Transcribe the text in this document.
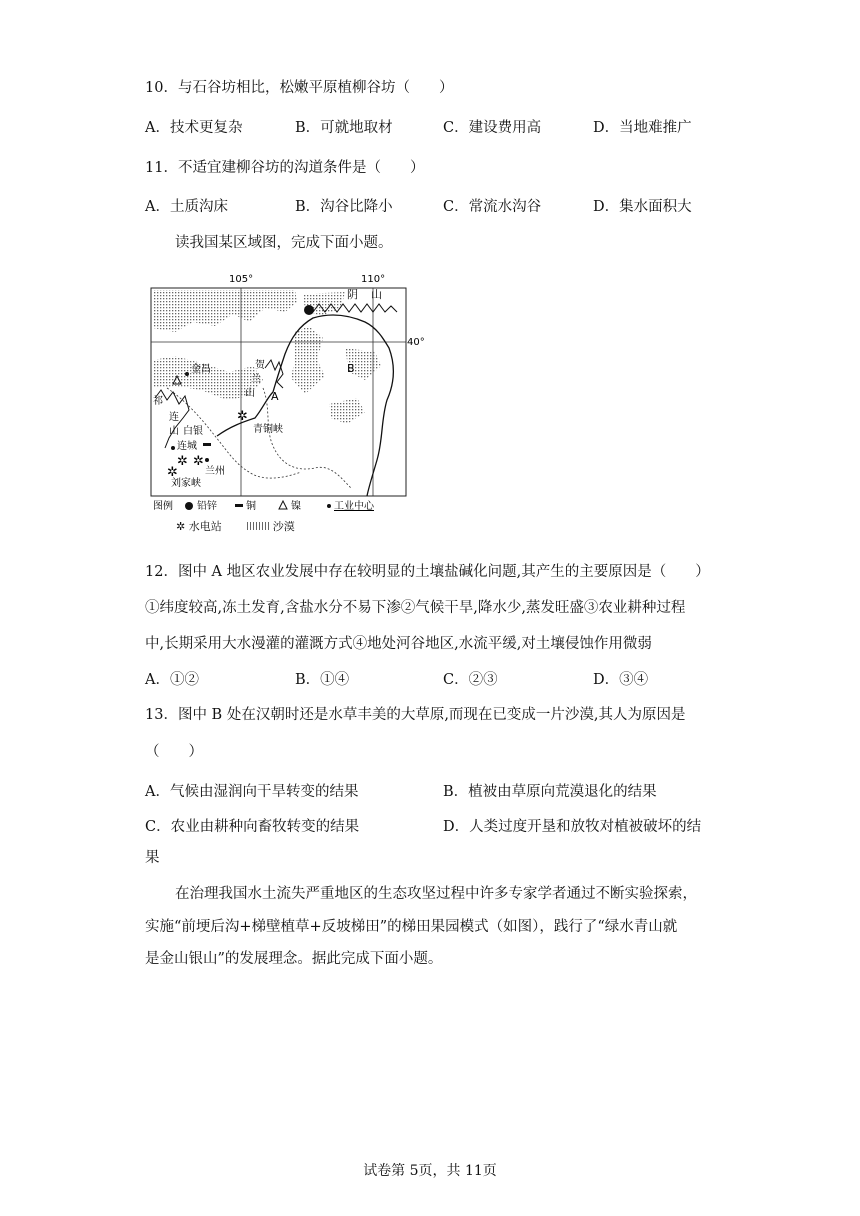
10．与石谷坊相比，松嫩平原植柳谷坊（　　）
A．技术更复杂	B．可就地取材	C．建设费用高	D．当地难推广
11．不适宜建柳谷坊的沟道条件是（　　）
A．土质沟床	B．沟谷比降小	C．常流水沟谷	D．集水面积大
读我国某区域图，完成下面小题。
105°	110°
40°
阴 山
B
金昌
祁
连
山 白银
贺
兰
山 A
✲
青铜峡
连城
✲ ✲
兰州
✲
刘家峡
图例 铅锌	铜	镍	工业中心
✲ 水电站	沙漠
12．图中 A 地区农业发展中存在较明显的土壤盐碱化问题,其产生的主要原因是（　　）
①纬度较高,冻土发育,含盐水分不易下渗②气候干旱,降水少,蒸发旺盛③农业耕种过程
中,长期采用大水漫灌的灌溉方式④地处河谷地区,水流平缓,对土壤侵蚀作用微弱
A．①②	B．①④	C．②③	D．③④
13．图中 B 处在汉朝时还是水草丰美的大草原,而现在已变成一片沙漠,其人为原因是
（　　）
A．气候由湿润向干旱转变的结果	B．植被由草原向荒漠退化的结果
C．农业由耕种向畜牧转变的结果	D．人类过度开垦和放牧对植被破坏的结
果
在治理我国水土流失严重地区的生态攻坚过程中许多专家学者通过不断实验探索，
实施“前埂后沟+梯壁植草+反坡梯田”的梯田果园模式（如图），践行了“绿水青山就
是金山银山”的发展理念。据此完成下面小题。
试卷第 5页，共 11页
